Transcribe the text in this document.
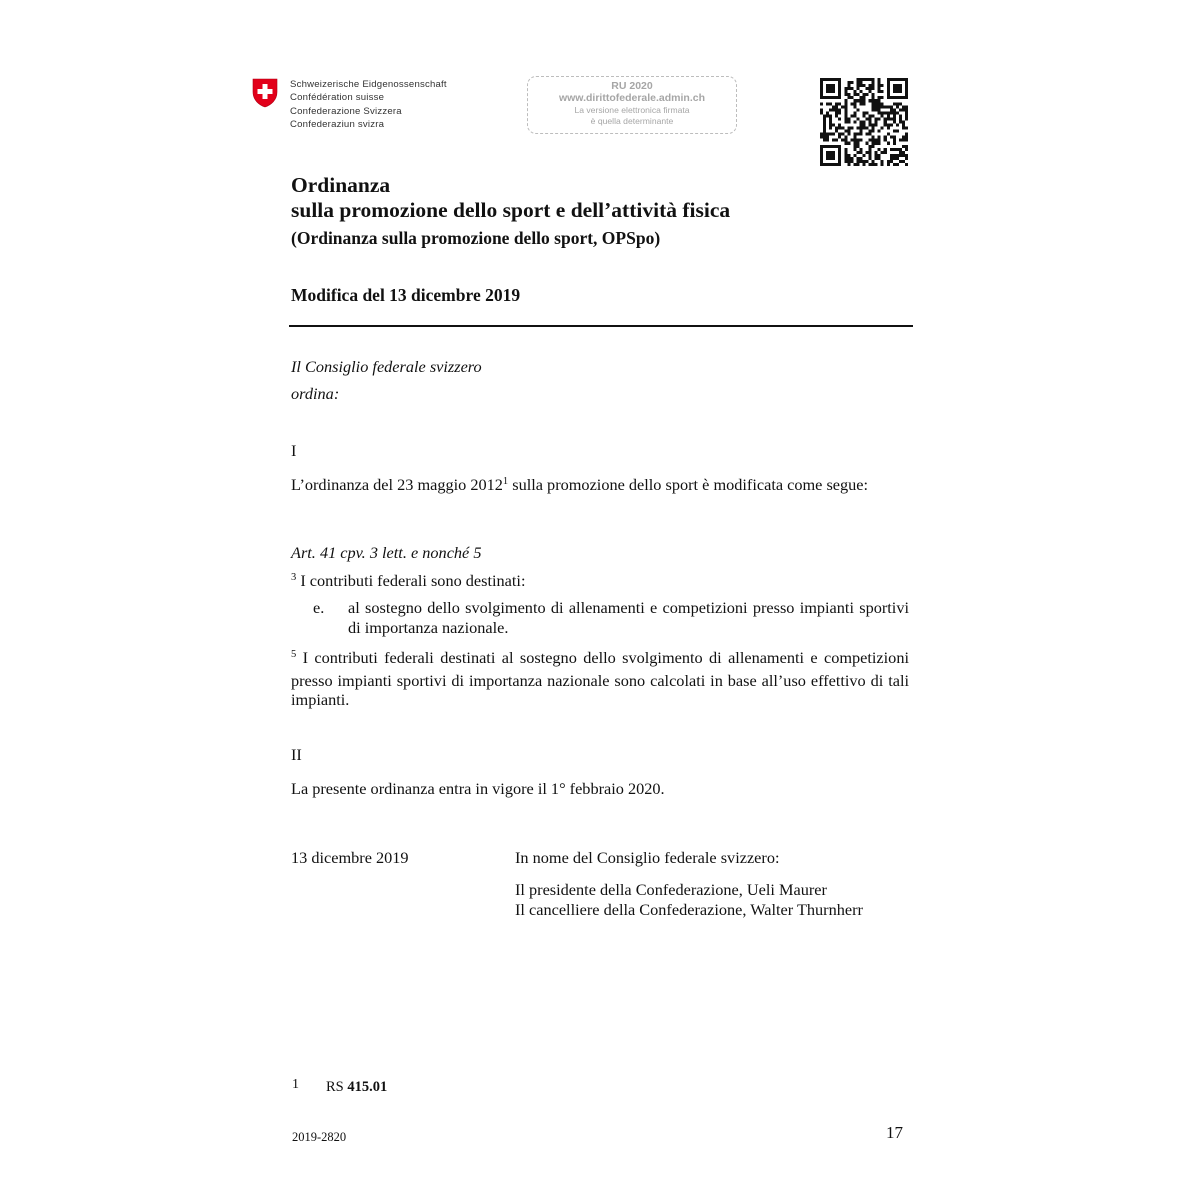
Schweizerische Eidgenossenschaft
Confédération suisse
Confederazione Svizzera
Confederaziun svizra
RU 2020
www.dirittofederale.admin.ch
La versione elettronica firmata
è quella determinante
Ordinanza
sulla promozione dello sport e dell’attività fisica
(Ordinanza sulla promozione dello sport, OPSpo)
Modifica del 13 dicembre 2019
Il Consiglio federale svizzero
ordina:
I
L’ordinanza del 23 maggio 2012$^1$ sulla promozione dello sport è modificata come segue:
Art. 41 cpv. 3 lett. e nonché 5
$^3$ I contributi federali sono destinati:
e. al sostegno dello svolgimento di allenamenti e competizioni presso impianti sportivi di importanza nazionale.
$^5$ I contributi federali destinati al sostegno dello svolgimento di allenamenti e competizioni presso impianti sportivi di importanza nazionale sono calcolati in base all’uso effettivo di tali impianti.
II
La presente ordinanza entra in vigore il 1° febbraio 2020.
13 dicembre 2019	In nome del Consiglio federale svizzero:
Il presidente della Confederazione, Ueli Maurer
Il cancelliere della Confederazione, Walter Thurnherr
1 RS 415.01
2019-2820	17
